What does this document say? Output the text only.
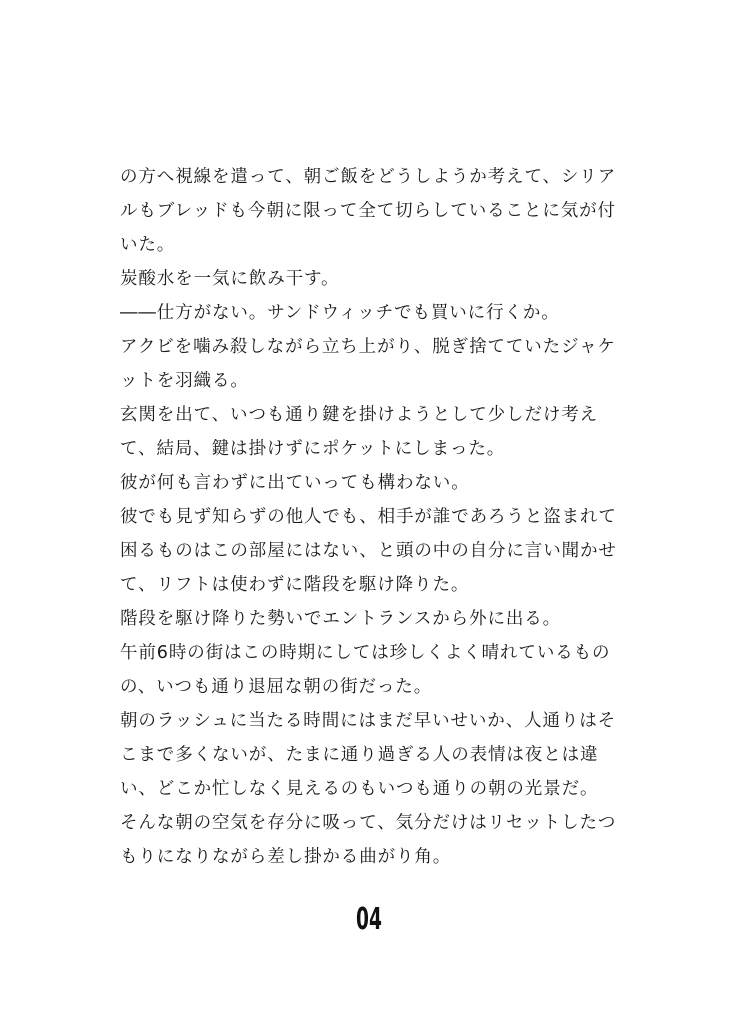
の方へ視線を遣って、朝ご飯をどうしようか考えて、シリア
ルもブレッドも今朝に限って全て切らしていることに気が付
いた。
炭酸水を一気に飲み干す。
――仕方がない。サンドウィッチでも買いに行くか。
アクビを噛み殺しながら立ち上がり、脱ぎ捨てていたジャケ
ットを羽織る。
玄関を出て、いつも通り鍵を掛けようとして少しだけ考え
て、結局、鍵は掛けずにポケットにしまった。
彼が何も言わずに出ていっても構わない。
彼でも見ず知らずの他人でも、相手が誰であろうと盗まれて
困るものはこの部屋にはない、と頭の中の自分に言い聞かせ
て、リフトは使わずに階段を駆け降りた。
階段を駆け降りた勢いでエントランスから外に出る。
午前6時の街はこの時期にしては珍しくよく晴れているもの
の、いつも通り退屈な朝の街だった。
朝のラッシュに当たる時間にはまだ早いせいか、人通りはそ
こまで多くないが、たまに通り過ぎる人の表情は夜とは違
い、どこか忙しなく見えるのもいつも通りの朝の光景だ。
そんな朝の空気を存分に吸って、気分だけはリセットしたつ
もりになりながら差し掛かる曲がり角。
04
